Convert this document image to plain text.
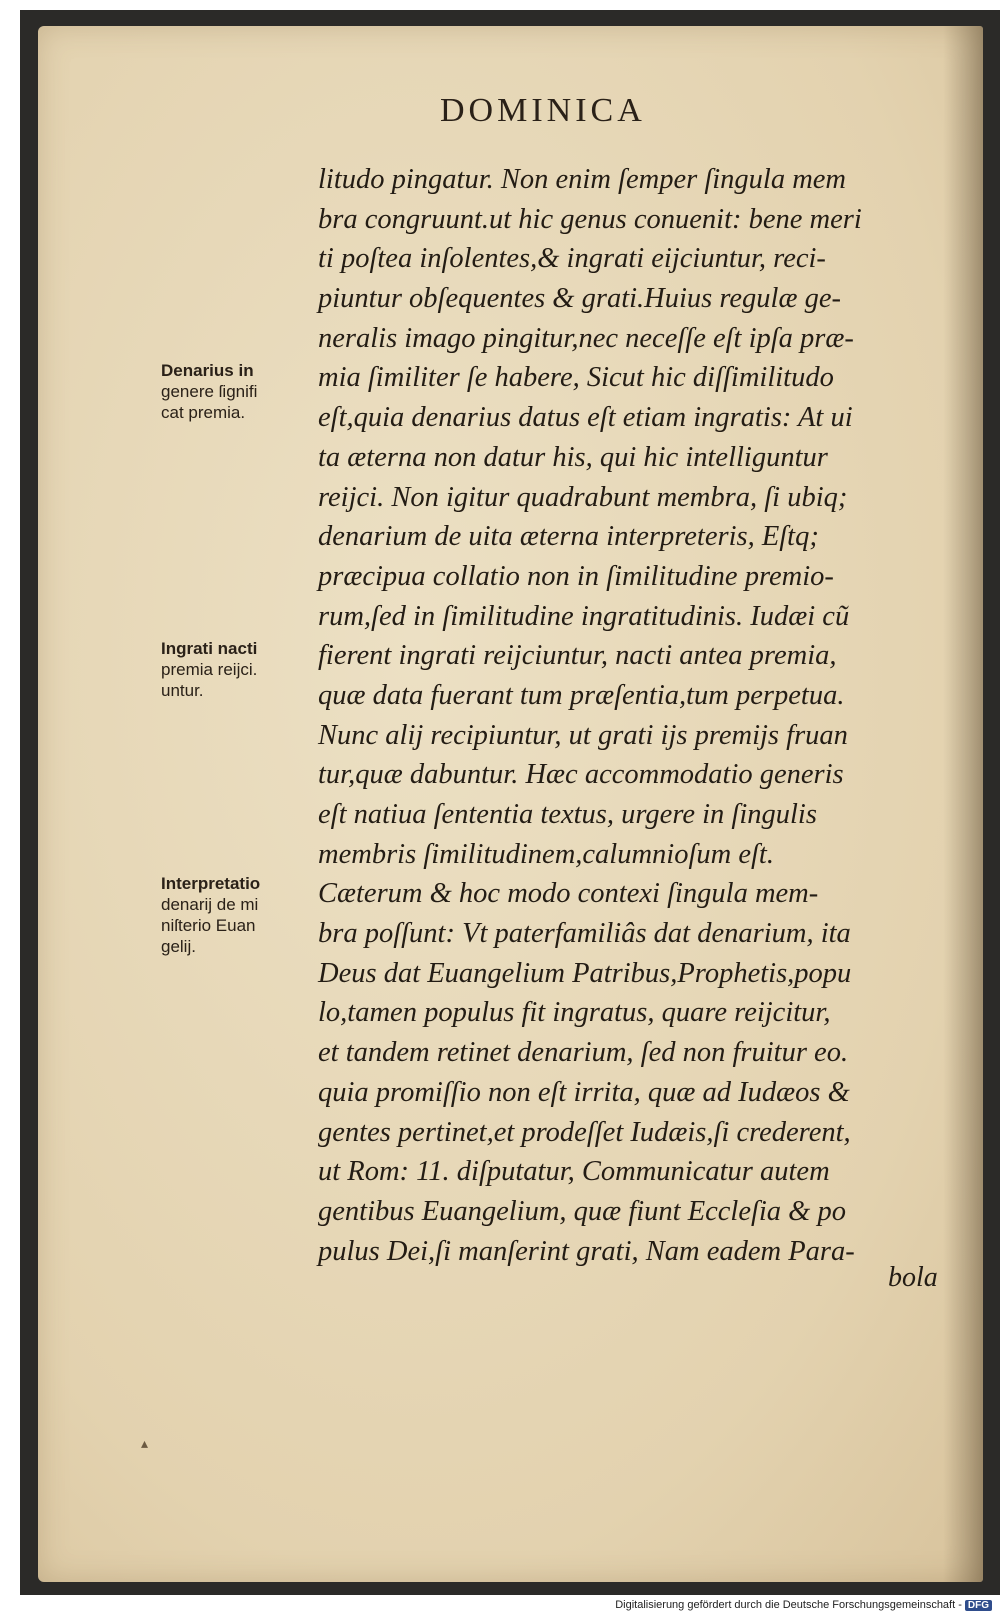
DOMINICA
litudo pingatur. Non enim ſemper ſingula mem
bra congruunt.ut hic genus conuenit: bene meri
ti poſtea inſolentes,& ingrati eijciuntur, reci-
piuntur obſequentes & grati.Huius regulæ ge-
neralis imago pingitur,nec neceſſe eſt ipſa præ-
mia ſimiliter ſe habere, Sicut hic diſſimilitudo
eſt,quia denarius datus eſt etiam ingratis: At ui
ta æterna non datur his, qui hic intelliguntur
reijci. Non igitur quadrabunt membra, ſi ubiq;
denarium de uita æterna interpreteris, Eſtq;
præcipua collatio non in ſimilitudine premio-
rum,ſed in ſimilitudine ingratitudinis. Iudæi cũ
fierent ingrati reijciuntur, nacti antea premia,
quæ data fuerant tum præſentia,tum perpetua.
Nunc alij recipiuntur, ut grati ijs premijs fruan
tur,quæ dabuntur. Hæc accommodatio generis
eſt natiua ſententia textus, urgere in ſingulis
membris ſimilitudinem,calumnioſum eſt.
Cæterum & hoc modo contexi ſingula mem-
bra poſſunt: Vt paterfamiliâs dat denarium, ita
Deus dat Euangelium Patribus,Prophetis,popu
lo,tamen populus fit ingratus, quare reijcitur,
et tandem retinet denarium, ſed non fruitur eo.
quia promiſſio non eſt irrita, quæ ad Iudæos &
gentes pertinet,et prodeſſet Iudæis,ſi crederent,
ut Rom: 11. diſputatur, Communicatur autem
gentibus Euangelium, quæ fiunt Eccleſia & po
pulus Dei,ſi manſerint grati, Nam eadem Para-
bola
Denarius in
genere ſignifi
cat premia.
Ingrati nacti
premia reijci.
untur.
Interpretatio
denarij de mi
niſterio Euan
gelij.
▴
Digitalisierung gefördert durch die Deutsche Forschungsgemeinschaft - DFG
